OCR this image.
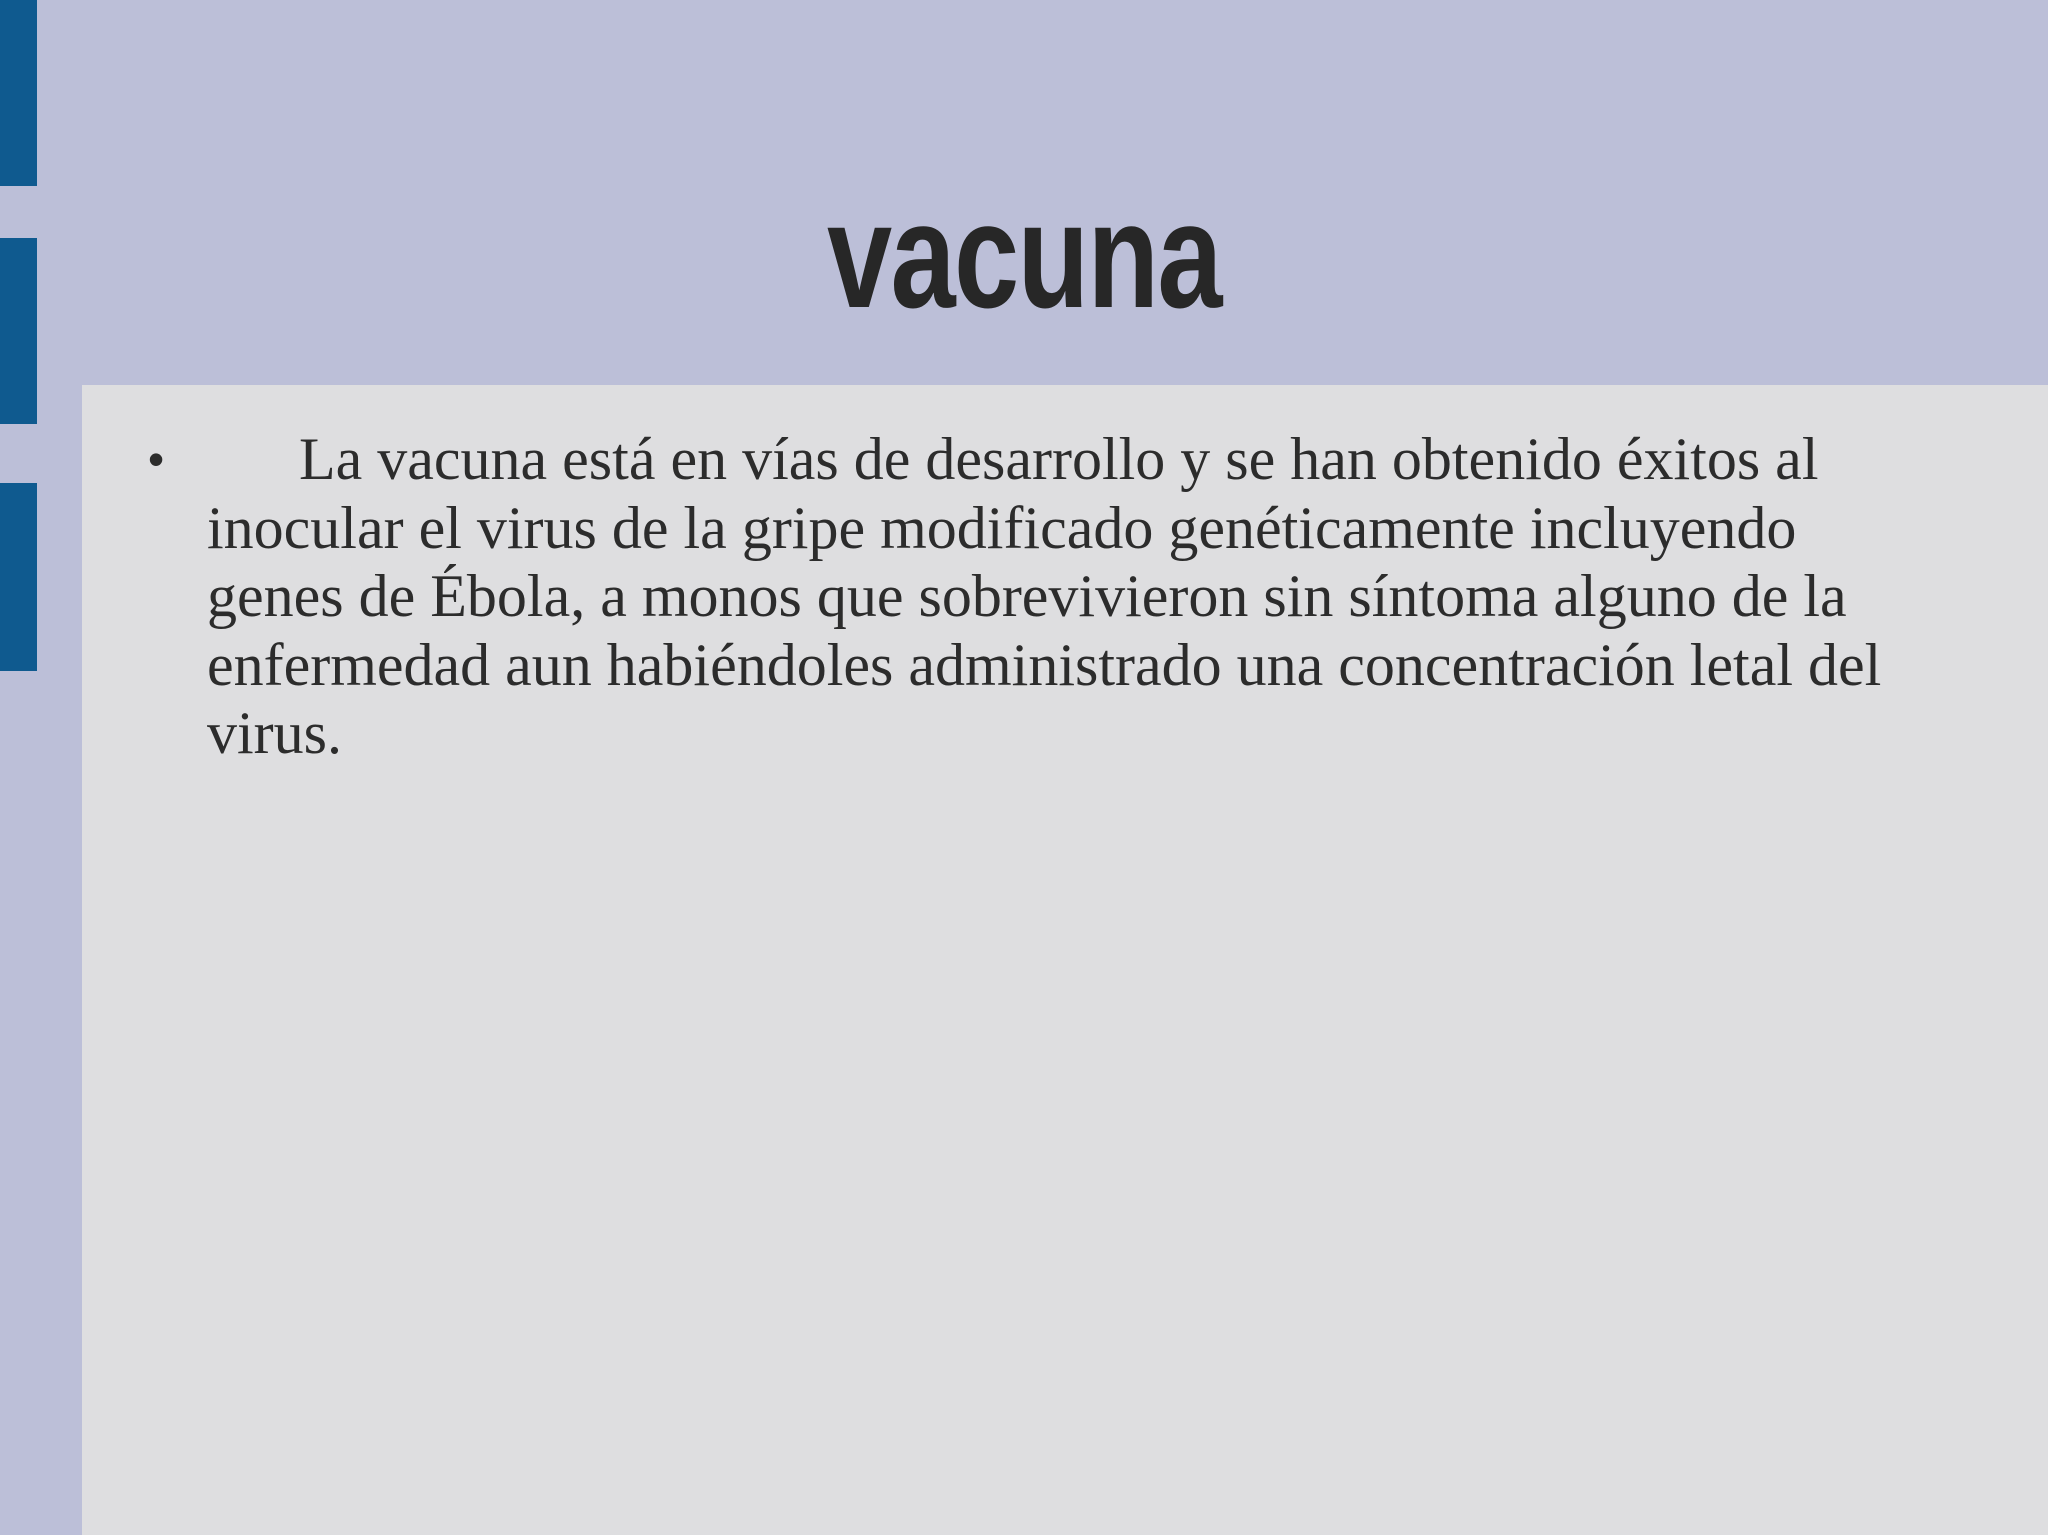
vacuna
•	La vacuna está en vías de desarrollo y se han obtenido éxitos al inocular el virus de la gripe modificado genéticamente incluyendo genes de Ébola, a monos que sobrevivieron sin síntoma alguno de la enfermedad aun habiéndoles administrado una concentración letal del virus.
